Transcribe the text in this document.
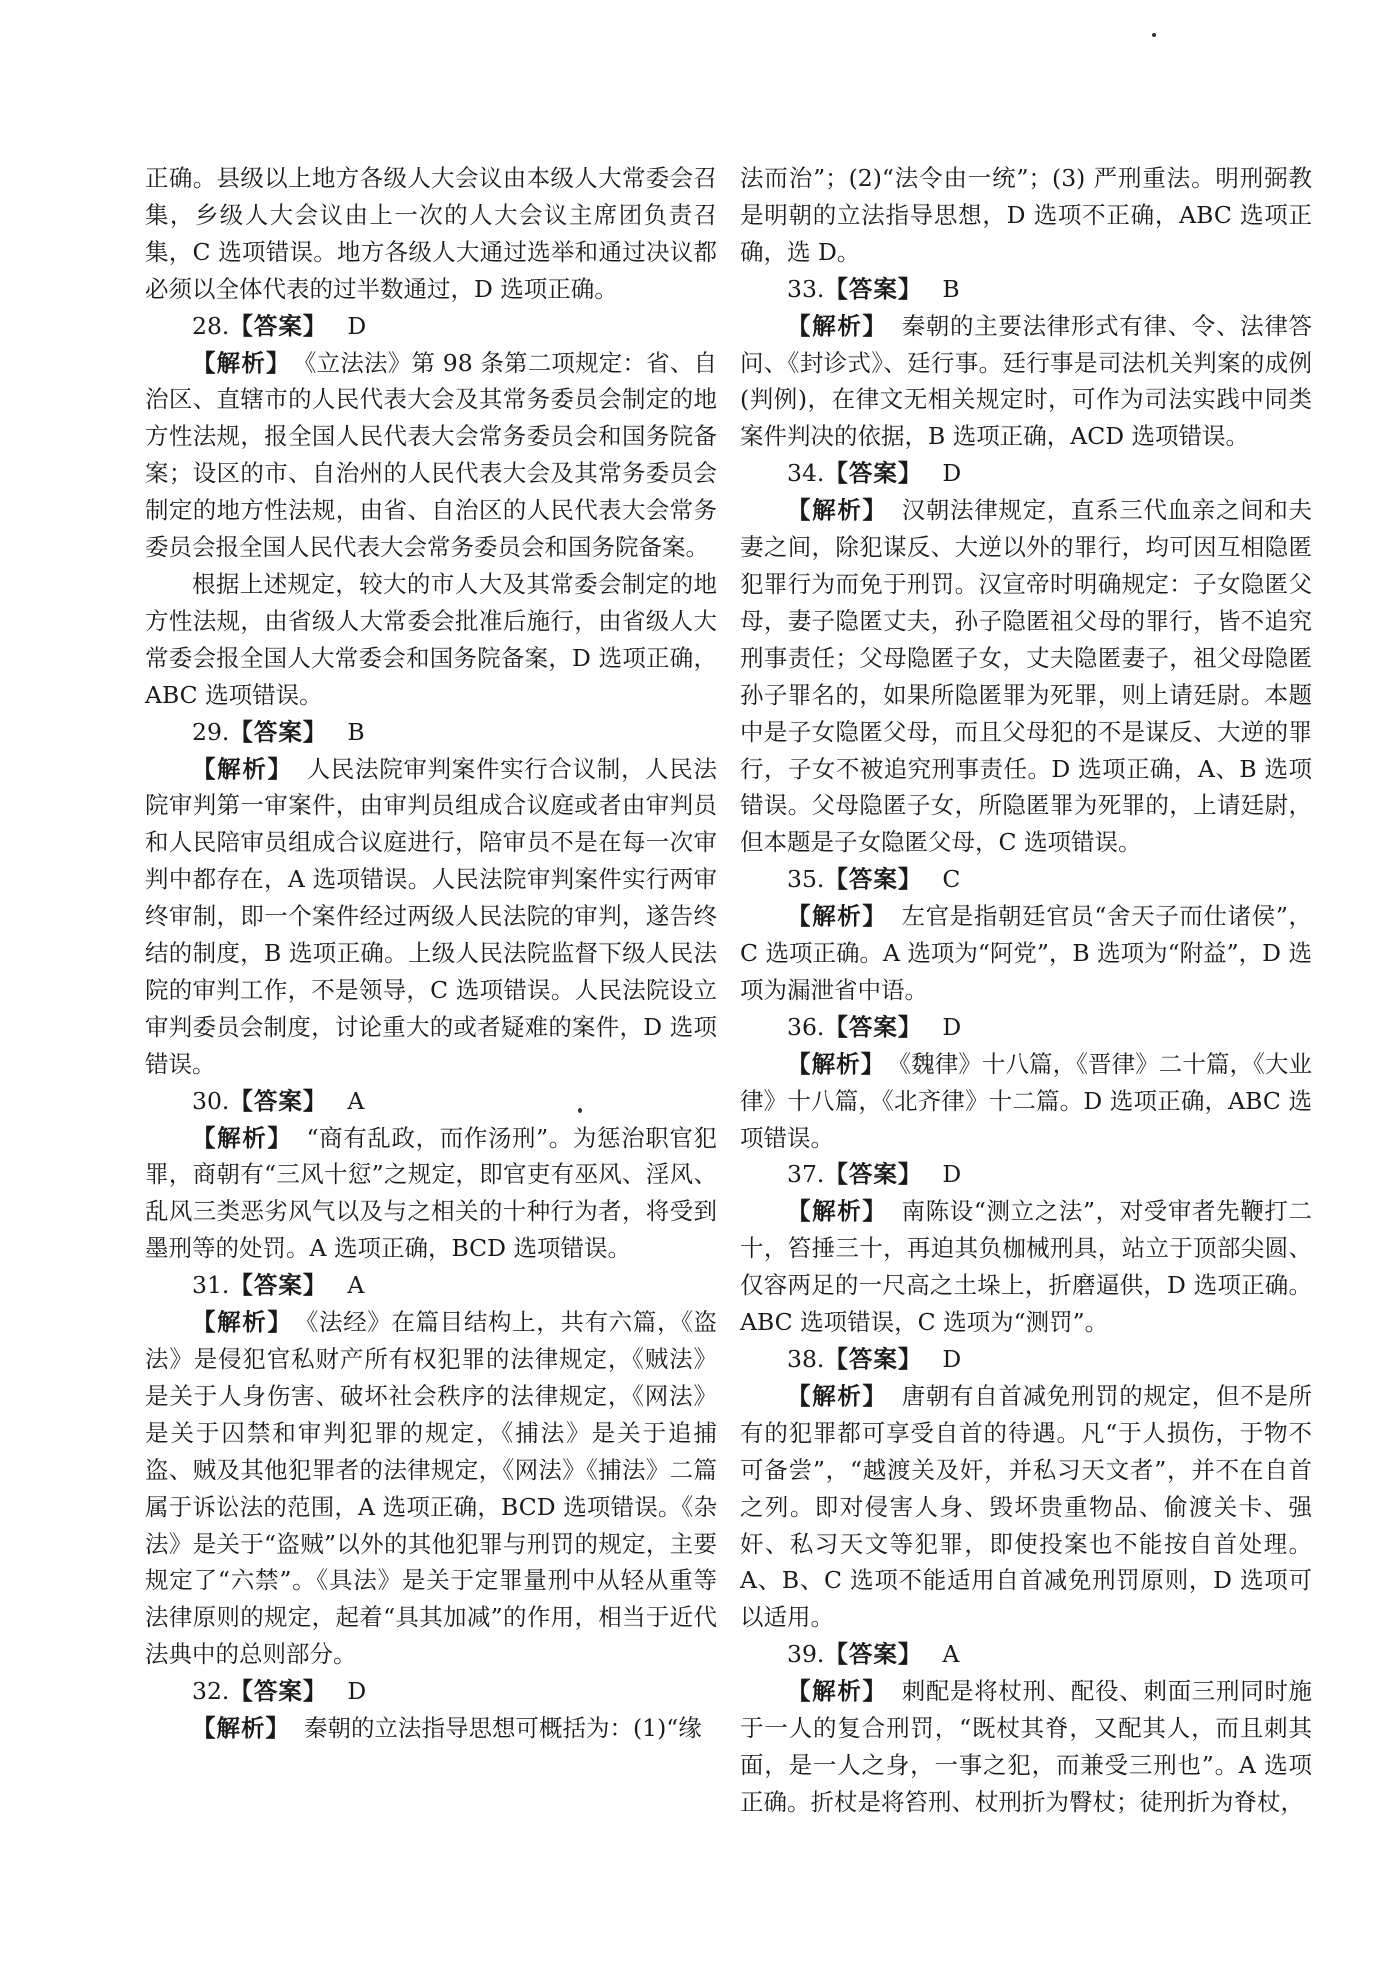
正确。县级以上地方各级人大会议由本级人大常委会召集，乡级人大会议由上一次的人大会议主席团负责召集，C 选项错误。地方各级人大通过选举和通过决议都必须以全体代表的过半数通过，D 选项正确。

28.【答案】 D

【解析】 《立法法》第 98 条第二项规定：省、自治区、直辖市的人民代表大会及其常务委员会制定的地方性法规，报全国人民代表大会常务委员会和国务院备案；设区的市、自治州的人民代表大会及其常务委员会制定的地方性法规，由省、自治区的人民代表大会常务委员会报全国人民代表大会常务委员会和国务院备案。

根据上述规定，较大的市人大及其常委会制定的地方性法规，由省级人大常委会批准后施行，由省级人大常委会报全国人大常委会和国务院备案，D 选项正确，ABC 选项错误。

29.【答案】 B

【解析】 人民法院审判案件实行合议制，人民法院审判第一审案件，由审判员组成合议庭或者由审判员和人民陪审员组成合议庭进行，陪审员不是在每一次审判中都存在，A 选项错误。人民法院审判案件实行两审终审制，即一个案件经过两级人民法院的审判，遂告终结的制度，B 选项正确。上级人民法院监督下级人民法院的审判工作，不是领导，C 选项错误。人民法院设立审判委员会制度，讨论重大的或者疑难的案件，D 选项错误。

30.【答案】 A

【解析】 “商有乱政，而作汤刑”。为惩治职官犯罪，商朝有“三风十愆”之规定，即官吏有巫风、淫风、乱风三类恶劣风气以及与之相关的十种行为者，将受到墨刑等的处罚。A 选项正确，BCD 选项错误。

31.【答案】 A

【解析】 《法经》在篇目结构上，共有六篇，《盗法》是侵犯官私财产所有权犯罪的法律规定，《贼法》是关于人身伤害、破坏社会秩序的法律规定，《网法》是关于囚禁和审判犯罪的规定，《捕法》是关于追捕盗、贼及其他犯罪者的法律规定，《网法》《捕法》二篇属于诉讼法的范围，A 选项正确，BCD 选项错误。《杂法》是关于“盗贼”以外的其他犯罪与刑罚的规定，主要规定了“六禁”。《具法》是关于定罪量刑中从轻从重等法律原则的规定，起着“具其加减”的作用，相当于近代法典中的总则部分。

32.【答案】 D

【解析】 秦朝的立法指导思想可概括为：(1)“缘

法而治”；(2)“法令由一统”；(3) 严刑重法。明刑弼教是明朝的立法指导思想，D 选项不正确，ABC 选项正确，选 D。

33.【答案】 B

【解析】 秦朝的主要法律形式有律、令、法律答问、《封诊式》、廷行事。廷行事是司法机关判案的成例(判例)，在律文无相关规定时，可作为司法实践中同类案件判决的依据，B 选项正确，ACD 选项错误。

34.【答案】 D

【解析】 汉朝法律规定，直系三代血亲之间和夫妻之间，除犯谋反、大逆以外的罪行，均可因互相隐匿犯罪行为而免于刑罚。汉宣帝时明确规定：子女隐匿父母，妻子隐匿丈夫，孙子隐匿祖父母的罪行，皆不追究刑事责任；父母隐匿子女，丈夫隐匿妻子，祖父母隐匿孙子罪名的，如果所隐匿罪为死罪，则上请廷尉。本题中是子女隐匿父母，而且父母犯的不是谋反、大逆的罪行，子女不被追究刑事责任。D 选项正确，A、B 选项错误。父母隐匿子女，所隐匿罪为死罪的，上请廷尉，但本题是子女隐匿父母，C 选项错误。

35.【答案】 C

【解析】 左官是指朝廷官员“舍天子而仕诸侯”，C 选项正确。A 选项为“阿党”，B 选项为“附益”，D 选项为漏泄省中语。

36.【答案】 D

【解析】 《魏律》十八篇，《晋律》二十篇，《大业律》十八篇，《北齐律》十二篇。D 选项正确，ABC 选项错误。

37.【答案】 D

【解析】 南陈设“测立之法”，对受审者先鞭打二十，笞捶三十，再迫其负枷械刑具，站立于顶部尖圆、仅容两足的一尺高之土垛上，折磨逼供，D 选项正确。ABC 选项错误，C 选项为“测罚”。

38.【答案】 D

【解析】 唐朝有自首减免刑罚的规定，但不是所有的犯罪都可享受自首的待遇。凡“于人损伤，于物不可备尝”，“越渡关及奸，并私习天文者”，并不在自首之列。即对侵害人身、毁坏贵重物品、偷渡关卡、强奸、私习天文等犯罪，即使投案也不能按自首处理。A、B、C 选项不能适用自首减免刑罚原则，D 选项可以适用。

39.【答案】 A

【解析】 刺配是将杖刑、配役、刺面三刑同时施于一人的复合刑罚，“既杖其脊，又配其人，而且刺其面，是一人之身，一事之犯，而兼受三刑也”。A 选项正确。折杖是将笞刑、杖刑折为臀杖；徒刑折为脊杖，
